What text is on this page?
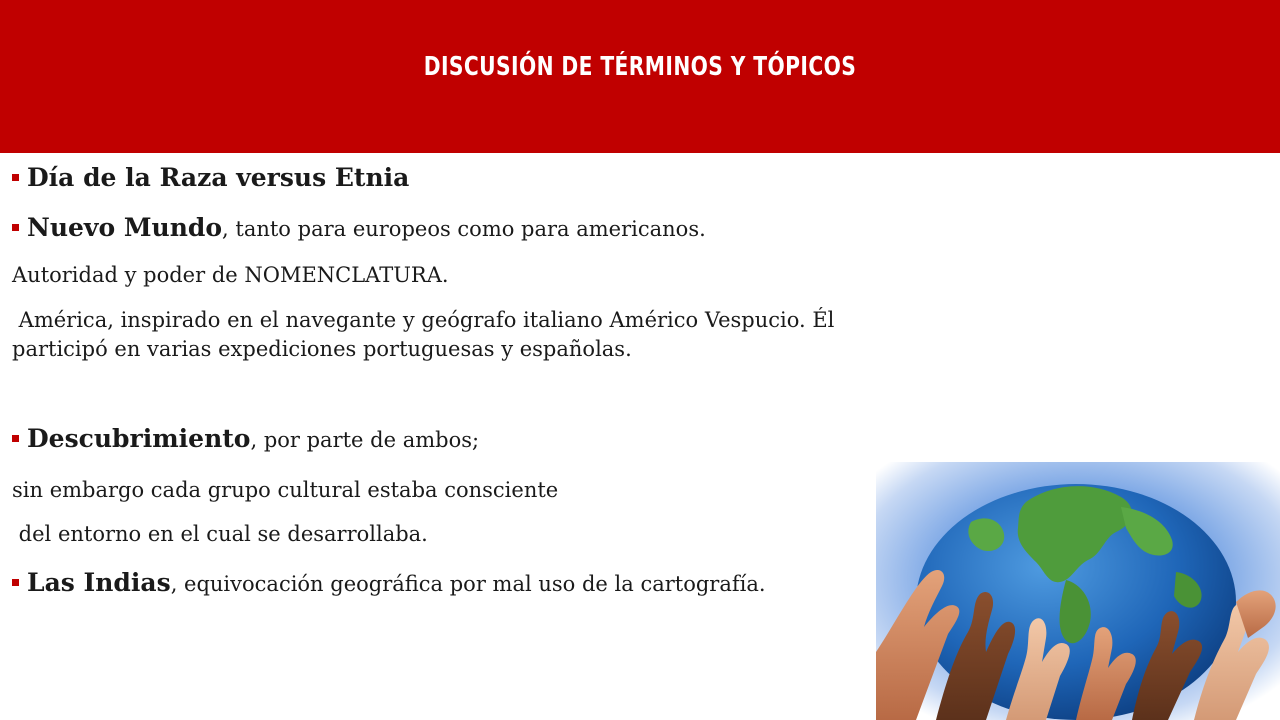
DISCUSIÓN DE TÉRMINOS Y TÓPICOS
Día de la Raza versus Etnia
Nuevo Mundo, tanto para europeos como para americanos.
Autoridad y poder de NOMENCLATURA.
América, inspirado en el navegante y geógrafo italiano Américo Vespucio. Él
participó en varias expediciones portuguesas y españolas.
Descubrimiento, por parte de ambos;
sin embargo cada grupo cultural estaba consciente
del entorno en el cual se desarrollaba.
Las Indias, equivocación geográfica por mal uso de la cartografía.
